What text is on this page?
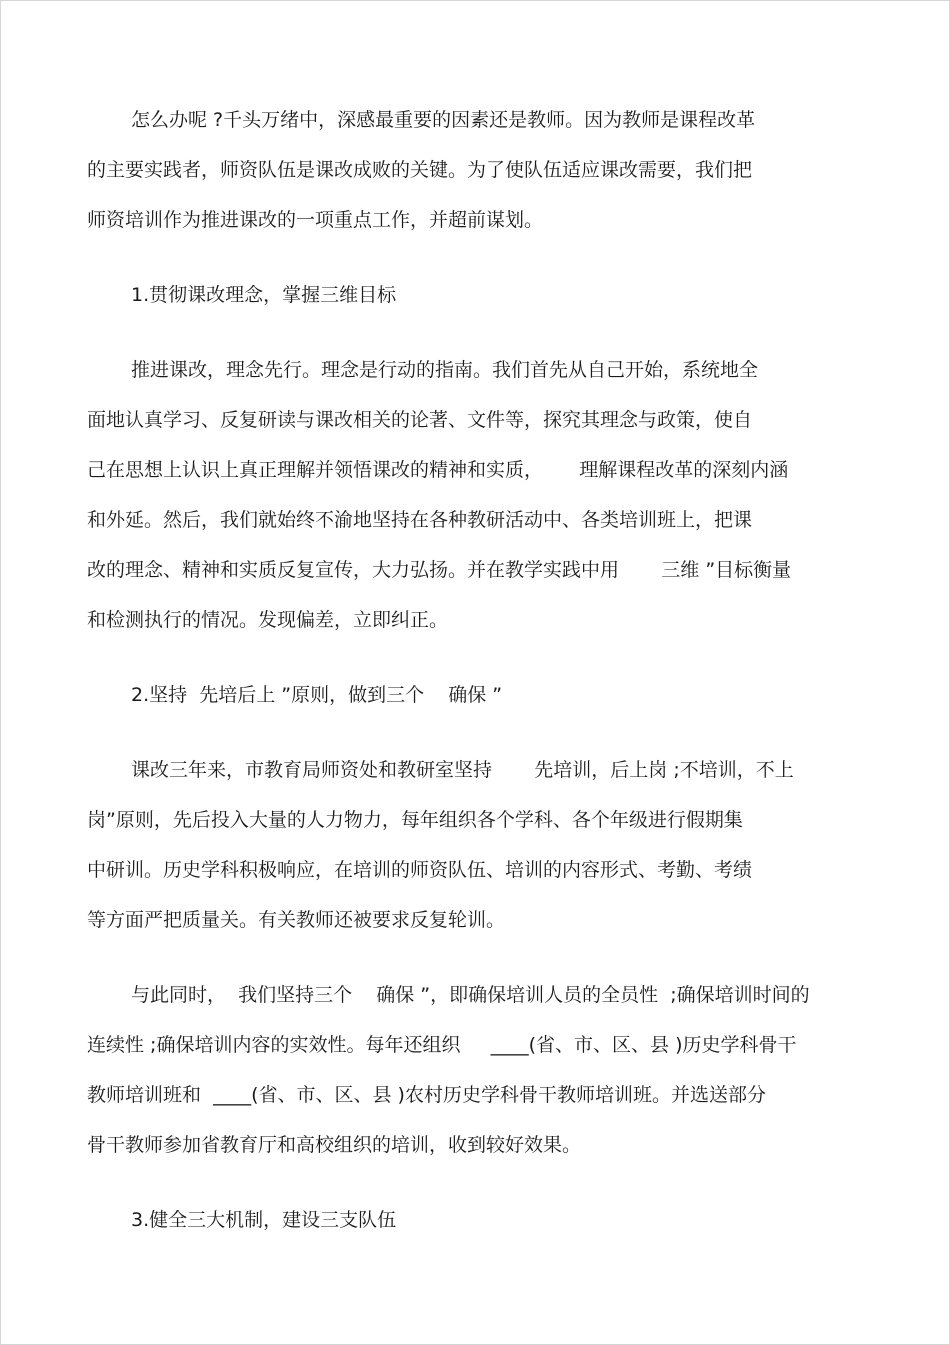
怎么办呢 ?千头万绪中，深感最重要的因素还是教师。因为教师是课程改革
的主要实践者，师资队伍是课改成败的关键。为了使队伍适应课改需要，我们把
师资培训作为推进课改的一项重点工作，并超前谋划。
1.贯彻课改理念，掌握三维目标
推进课改，理念先行。理念是行动的指南。我们首先从自己开始，系统地全
面地认真学习、反复研读与课改相关的论著、文件等，探究其理念与政策，使自
己在思想上认识上真正理解并领悟课改的精神和实质，      理解课程改革的深刻内涵
和外延。然后，我们就始终不渝地坚持在各种教研活动中、各类培训班上，把课
改的理念、精神和实质反复宣传，大力弘扬。并在教学实践中用       三维 ”目标衡量
和检测执行的情况。发现偏差，立即纠正。
2.坚持  先培后上 ”原则，做到三个    确保 ”
课改三年来，市教育局师资处和教研室坚持       先培训，后上岗 ;不培训，不上
岗”原则，先后投入大量的人力物力，每年组织各个学科、各个年级进行假期集
中研训。历史学科积极响应，在培训的师资队伍、培训的内容形式、考勤、考绩
等方面严把质量关。有关教师还被要求反复轮训。
与此同时，  我们坚持三个    确保 ”，即确保培训人员的全员性  ;确保培训时间的
连续性 ;确保培训内容的实效性。每年还组织     ____(省、市、区、县 )历史学科骨干
教师培训班和  ____(省、市、区、县 )农村历史学科骨干教师培训班。并选送部分
骨干教师参加省教育厅和高校组织的培训，收到较好效果。
3.健全三大机制，建设三支队伍
